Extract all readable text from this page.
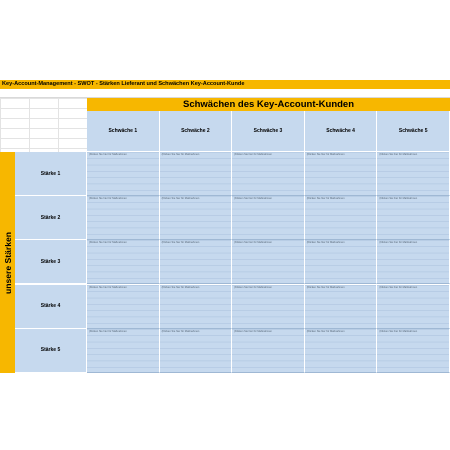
Key-Account-Management - SWOT - Stärken Lieferant und Schwächen Key-Account-Kunde
Schwächen des Key-Account-Kunden
Schwäche 1	Schwäche 2	Schwäche 3	Schwäche 4	Schwäche 5
unsere Stärken
Stärke 1
(Klicken Sie hier für Maßnahmen	(Klicken Sie hier für Maßnahmen	(Klicken Sie hier für Maßnahmen	(Klicken Sie hier für Maßnahmen	(Klicken Sie hier für Maßnahmen
Stärke 2
(Klicken Sie hier für Maßnahmen	(Klicken Sie hier für Maßnahmen	(Klicken Sie hier für Maßnahmen	(Klicken Sie hier für Maßnahmen	(Klicken Sie hier für Maßnahmen
Stärke 3
(Klicken Sie hier für Maßnahmen	(Klicken Sie hier für Maßnahmen	(Klicken Sie hier für Maßnahmen	(Klicken Sie hier für Maßnahmen	(Klicken Sie hier für Maßnahmen
Stärke 4
(Klicken Sie hier für Maßnahmen	(Klicken Sie hier für Maßnahmen	(Klicken Sie hier für Maßnahmen	(Klicken Sie hier für Maßnahmen	(Klicken Sie hier für Maßnahmen
Stärke 5
(Klicken Sie hier für Maßnahmen	(Klicken Sie hier für Maßnahmen	(Klicken Sie hier für Maßnahmen	(Klicken Sie hier für Maßnahmen	(Klicken Sie hier für Maßnahmen
